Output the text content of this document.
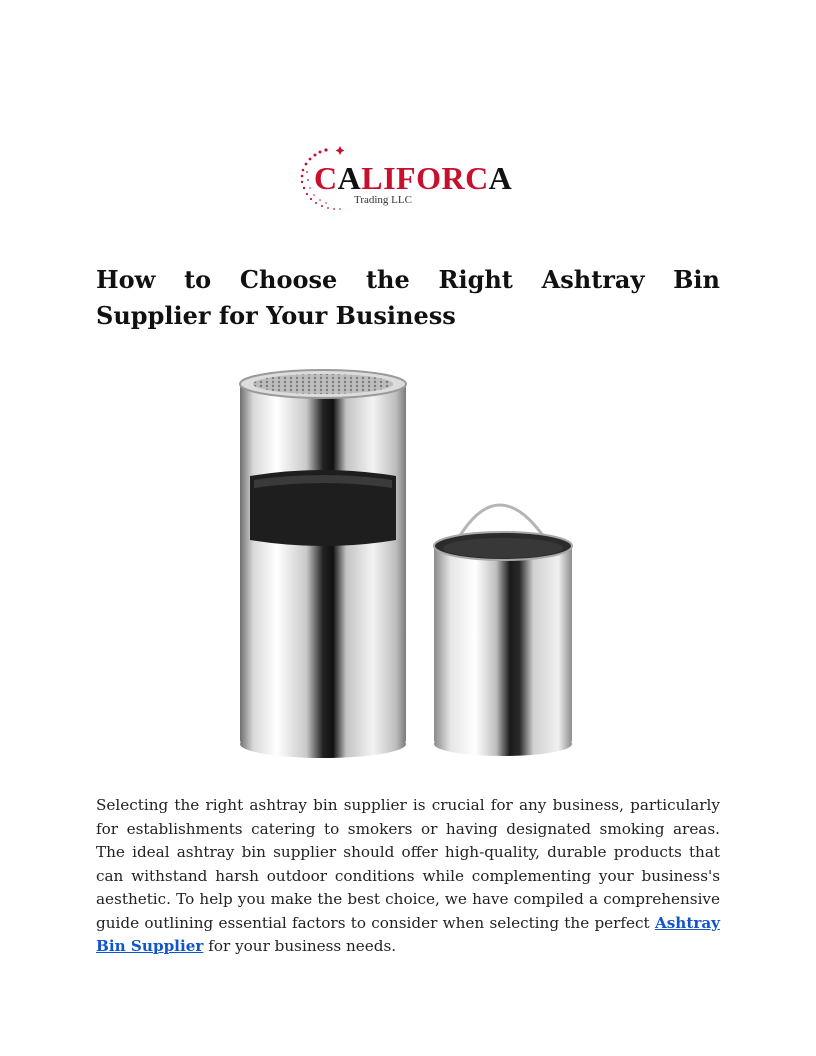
CALIFORCA
Trading LLC
How to Choose the Right Ashtray Bin Supplier for Your Business

Selecting the right ashtray bin supplier is crucial for any business, particularly for establishments catering to smokers or having designated smoking areas. The ideal ashtray bin supplier should offer high-quality, durable products that can withstand harsh outdoor conditions while complementing your business's aesthetic. To help you make the best choice, we have compiled a comprehensive guide outlining essential factors to consider when selecting the perfect Ashtray Bin Supplier for your business needs.
